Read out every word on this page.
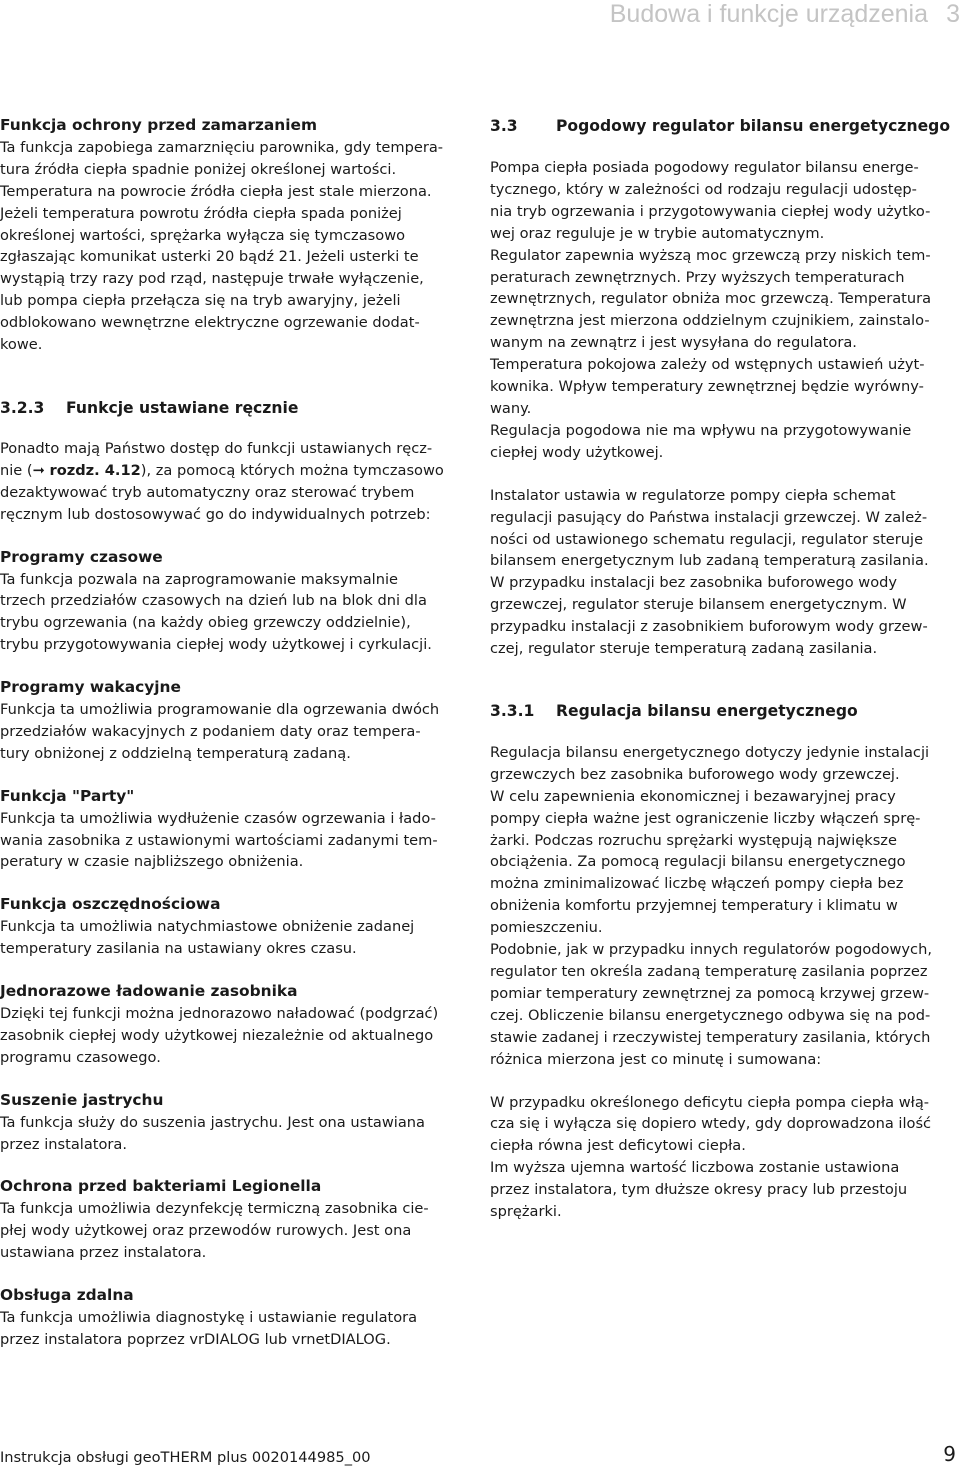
Budowa i funkcje urządzenia 3

Funkcja ochrony przed zamarzaniem

Ta funkcja zapobiega zamarznięciu parownika, gdy tempera-
tura źródła ciepła spadnie poniżej określonej wartości.
Temperatura na powrocie źródła ciepła jest stale mierzona.
Jeżeli temperatura powrotu źródła ciepła spada poniżej
określonej wartości, sprężarka wyłącza się tymczasowo
zgłaszając komunikat usterki 20 bądź 21. Jeżeli usterki te
wystąpią trzy razy pod rząd, następuje trwałe wyłączenie,
lub pompa ciepła przełącza się na tryb awaryjny, jeżeli
odblokowano wewnętrzne elektryczne ogrzewanie dodat-
kowe.

3.2.3 Funkcje ustawiane ręcznie

Ponadto mają Państwo dostęp do funkcji ustawianych ręcz-
nie (➞ rozdz. 4.12), za pomocą których można tymczasowo
dezaktywować tryb automatyczny oraz sterować trybem
ręcznym lub dostosowywać go do indywidualnych potrzeb:

Programy czasowe

Ta funkcja pozwala na zaprogramowanie maksymalnie
trzech przedziałów czasowych na dzień lub na blok dni dla
trybu ogrzewania (na każdy obieg grzewczy oddzielnie),
trybu przygotowywania ciepłej wody użytkowej i cyrkulacji.

Programy wakacyjne

Funkcja ta umożliwia programowanie dla ogrzewania dwóch
przedziałów wakacyjnych z podaniem daty oraz tempera-
tury obniżonej z oddzielną temperaturą zadaną.

Funkcja "Party"

Funkcja ta umożliwia wydłużenie czasów ogrzewania i łado-
wania zasobnika z ustawionymi wartościami zadanymi tem-
peratury w czasie najbliższego obniżenia.

Funkcja oszczędnościowa

Funkcja ta umożliwia natychmiastowe obniżenie zadanej
temperatury zasilania na ustawiany okres czasu.

Jednorazowe ładowanie zasobnika

Dzięki tej funkcji można jednorazowo naładować (podgrzać)
zasobnik ciepłej wody użytkowej niezależnie od aktualnego
programu czasowego.

Suszenie jastrychu

Ta funkcja służy do suszenia jastrychu. Jest ona ustawiana
przez instalatora.

Ochrona przed bakteriami Legionella

Ta funkcja umożliwia dezynfekcję termiczną zasobnika cie-
płej wody użytkowej oraz przewodów rurowych. Jest ona
ustawiana przez instalatora.

Obsługa zdalna

Ta funkcja umożliwia diagnostykę i ustawianie regulatora
przez instalatora poprzez vrDIALOG lub vrnetDIALOG.

3.3 Pogodowy regulator bilansu energetycznego

Pompa ciepła posiada pogodowy regulator bilansu energe-
tycznego, który w zależności od rodzaju regulacji udostęp-
nia tryb ogrzewania i przygotowywania ciepłej wody użytko-
wej oraz reguluje je w trybie automatycznym.
Regulator zapewnia wyższą moc grzewczą przy niskich tem-
peraturach zewnętrznych. Przy wyższych temperaturach
zewnętrznych, regulator obniża moc grzewczą. Temperatura
zewnętrzna jest mierzona oddzielnym czujnikiem, zainstalo-
wanym na zewnątrz i jest wysyłana do regulatora.
Temperatura pokojowa zależy od wstępnych ustawień użyt-
kownika. Wpływ temperatury zewnętrznej będzie wyrówny-
wany.
Regulacja pogodowa nie ma wpływu na przygotowywanie
ciepłej wody użytkowej.

Instalator ustawia w regulatorze pompy ciepła schemat
regulacji pasujący do Państwa instalacji grzewczej. W zależ-
ności od ustawionego schematu regulacji, regulator steruje
bilansem energetycznym lub zadaną temperaturą zasilania.
W przypadku instalacji bez zasobnika buforowego wody
grzewczej, regulator steruje bilansem energetycznym. W
przypadku instalacji z zasobnikiem buforowym wody grzew-
czej, regulator steruje temperaturą zadaną zasilania.

3.3.1 Regulacja bilansu energetycznego

Regulacja bilansu energetycznego dotyczy jedynie instalacji
grzewczych bez zasobnika buforowego wody grzewczej.
W celu zapewnienia ekonomicznej i bezawaryjnej pracy
pompy ciepła ważne jest ograniczenie liczby włączeń sprę-
żarki. Podczas rozruchu sprężarki występują największe
obciążenia. Za pomocą regulacji bilansu energetycznego
można zminimalizować liczbę włączeń pompy ciepła bez
obniżenia komfortu przyjemnej temperatury i klimatu w
pomieszczeniu.
Podobnie, jak w przypadku innych regulatorów pogodowych,
regulator ten określa zadaną temperaturę zasilania poprzez
pomiar temperatury zewnętrznej za pomocą krzywej grzew-
czej. Obliczenie bilansu energetycznego odbywa się na pod-
stawie zadanej i rzeczywistej temperatury zasilania, których
różnica mierzona jest co minutę i sumowana:

W przypadku określonego deficytu ciepła pompa ciepła włą-
cza się i wyłącza się dopiero wtedy, gdy doprowadzona ilość
ciepła równa jest deficytowi ciepła.
Im wyższa ujemna wartość liczbowa zostanie ustawiona
przez instalatora, tym dłuższe okresy pracy lub przestoju
sprężarki.

Instrukcja obsługi geoTHERM plus 0020144985_00	9
